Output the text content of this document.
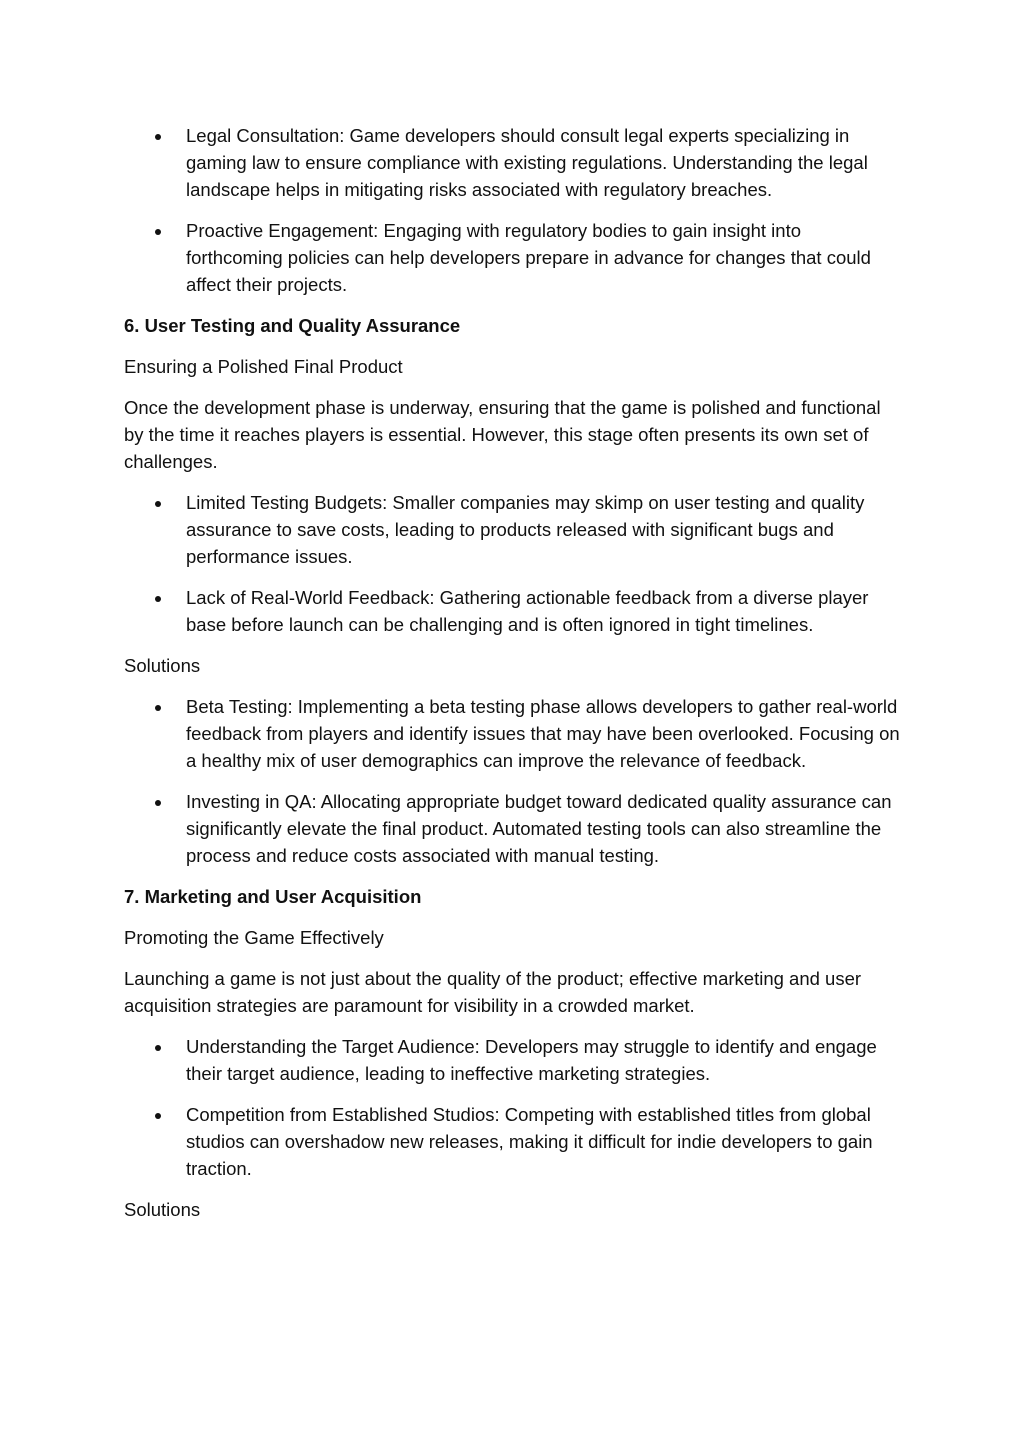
Legal Consultation: Game developers should consult legal experts specializing in gaming law to ensure compliance with existing regulations. Understanding the legal landscape helps in mitigating risks associated with regulatory breaches.
Proactive Engagement: Engaging with regulatory bodies to gain insight into forthcoming policies can help developers prepare in advance for changes that could affect their projects.

6. User Testing and Quality Assurance

Ensuring a Polished Final Product

Once the development phase is underway, ensuring that the game is polished and functional by the time it reaches players is essential. However, this stage often presents its own set of challenges.

Limited Testing Budgets: Smaller companies may skimp on user testing and quality assurance to save costs, leading to products released with significant bugs and performance issues.
Lack of Real-World Feedback: Gathering actionable feedback from a diverse player base before launch can be challenging and is often ignored in tight timelines.

Solutions

Beta Testing: Implementing a beta testing phase allows developers to gather real-world feedback from players and identify issues that may have been overlooked. Focusing on a healthy mix of user demographics can improve the relevance of feedback.
Investing in QA: Allocating appropriate budget toward dedicated quality assurance can significantly elevate the final product. Automated testing tools can also streamline the process and reduce costs associated with manual testing.

7. Marketing and User Acquisition

Promoting the Game Effectively

Launching a game is not just about the quality of the product; effective marketing and user acquisition strategies are paramount for visibility in a crowded market.

Understanding the Target Audience: Developers may struggle to identify and engage their target audience, leading to ineffective marketing strategies.
Competition from Established Studios: Competing with established titles from global studios can overshadow new releases, making it difficult for indie developers to gain traction.

Solutions
